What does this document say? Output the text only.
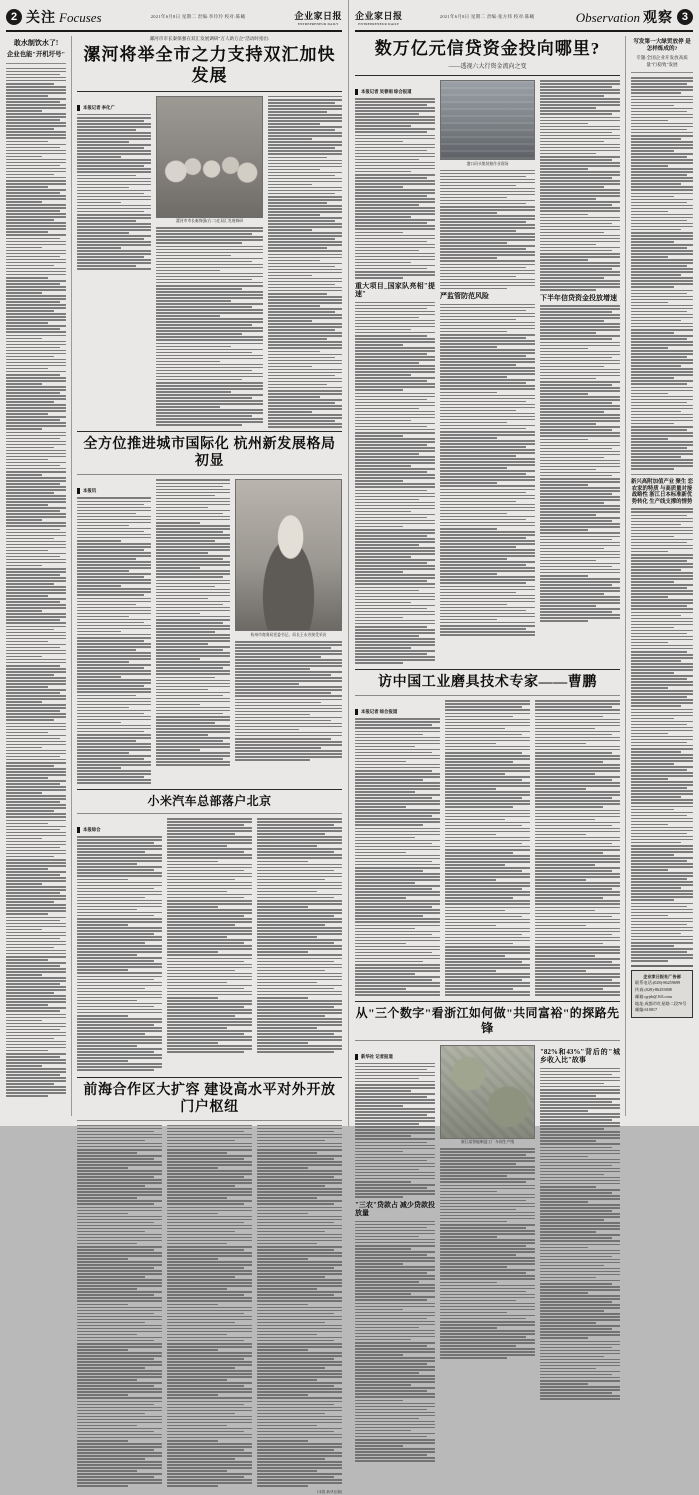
2 关注 Focuses	2021年6月8日 星期二 责编:李玲玲 校对:陈曦	企业家日报
ENTREPRENEUR DAILY
敢水制饮水了!
企业也能"开机圩号"
漯河市市长秦保强在双汇发展调研"万人助万企"活动时指出:
漯河将举全市之力支持双汇加快发展
本报记者 李化广
漯河市市长秦保强(右二)在双汇发展调研
全方位推进城市国际化 杭州新发展格局初显
本报讯
杭州市商务局党委书记、局长王永芳接受采访
小米汽车总部落户北京
本报综合
前海合作区大扩容 建设高水平对外开放门户枢纽
(本报 新华社稿)
企业家日报
ENTREPRENEUR DAILY
2021年6月8日 星期二 责编:张方炜 校对:陈曦	Observation 观察 3
数万亿元信贷资金投向哪里?
——透视六大行资金流向之变
本报记者 吴春雨 综合报道
重大项目_国家队亮相"提速"
港口码头集装箱作业现场
严监管防范风险	下半年信贷资金投放增速
访中国工业磨具技术专家——曹鹏
本报记者 综合报道
从"三个数字"看浙江如何做"共同富裕"的探路先锋
新华社 记者报道
"三农"贷款占 减少贷款投放量
浙江某智能制造工厂车间生产线
"82%和43%"背后的"城乡收入比"故事
写发第一大绿贸放停 是怎样炼成的?
专题:全国企业开发放高质量"行稳致"发展
新兴高附加值产业 聚生 恋农家的特质 与高质量对接战略性 浙江日本标准新优势转化 生产线支撑的情势
企业家日报社广告部
联系电话:(028)-86259699
传真:(028)-86255808
邮箱:qyjrb@163.com
地址:成都市红星路二段70号
邮编:610017
